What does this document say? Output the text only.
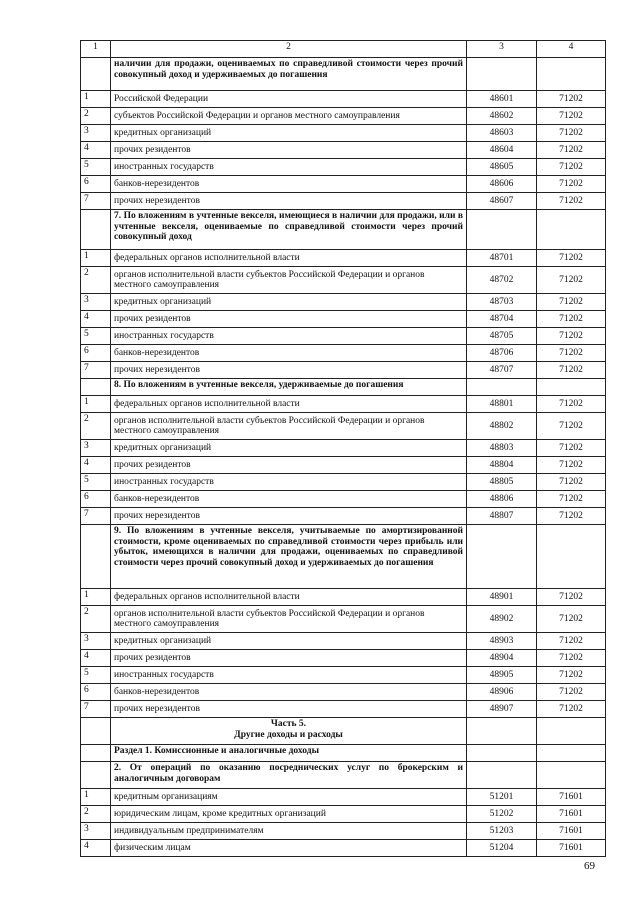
1	2	3	4
	наличии для продажи, оцениваемых по справедливой стоимости через прочий совокупный доход и удерживаемых до погашения		
1	Российской Федерации	48601	71202
2	субъектов Российской Федерации и органов местного самоуправления	48602	71202
3	кредитных организаций	48603	71202
4	прочих резидентов	48604	71202
5	иностранных государств	48605	71202
6	банков-нерезидентов	48606	71202
7	прочих нерезидентов	48607	71202
	7. По вложениям в учтенные векселя, имеющиеся в наличии для продажи, или в учтенные векселя, оцениваемые по справедливой стоимости через прочий совокупный доход		
1	федеральных органов исполнительной власти	48701	71202
2	органов исполнительной власти субъектов Российской Федерации и органов местного самоуправления	48702	71202
3	кредитных организаций	48703	71202
4	прочих резидентов	48704	71202
5	иностранных государств	48705	71202
6	банков-нерезидентов	48706	71202
7	прочих нерезидентов	48707	71202
	8. По вложениям в учтенные векселя, удерживаемые до погашения		
1	федеральных органов исполнительной власти	48801	71202
2	органов исполнительной власти субъектов Российской Федерации и органов местного самоуправления	48802	71202
3	кредитных организаций	48803	71202
4	прочих резидентов	48804	71202
5	иностранных государств	48805	71202
6	банков-нерезидентов	48806	71202
7	прочих нерезидентов	48807	71202
	9. По вложениям в учтенные векселя, учитываемые по амортизированной стоимости, кроме оцениваемых по справедливой стоимости через прибыль или убыток, имеющихся в наличии для продажи, оцениваемых по справедливой стоимости через прочий совокупный доход и удерживаемых до погашения		
1	федеральных органов исполнительной власти	48901	71202
2	органов исполнительной власти субъектов Российской Федерации и органов местного самоуправления	48902	71202
3	кредитных организаций	48903	71202
4	прочих резидентов	48904	71202
5	иностранных государств	48905	71202
6	банков-нерезидентов	48906	71202
7	прочих нерезидентов	48907	71202

	Часть 5.
Другие доходы и расходы		

	Раздел 1. Комиссионные и аналогичные доходы		
	2. От операций по оказанию посреднических услуг по брокерским и аналогичным договорам		
1	кредитным организациям	51201	71601
2	юридическим лицам, кроме кредитных организаций	51202	71601
3	индивидуальным предпринимателям	51203	71601
4	физическим лицам	51204	71601
69
